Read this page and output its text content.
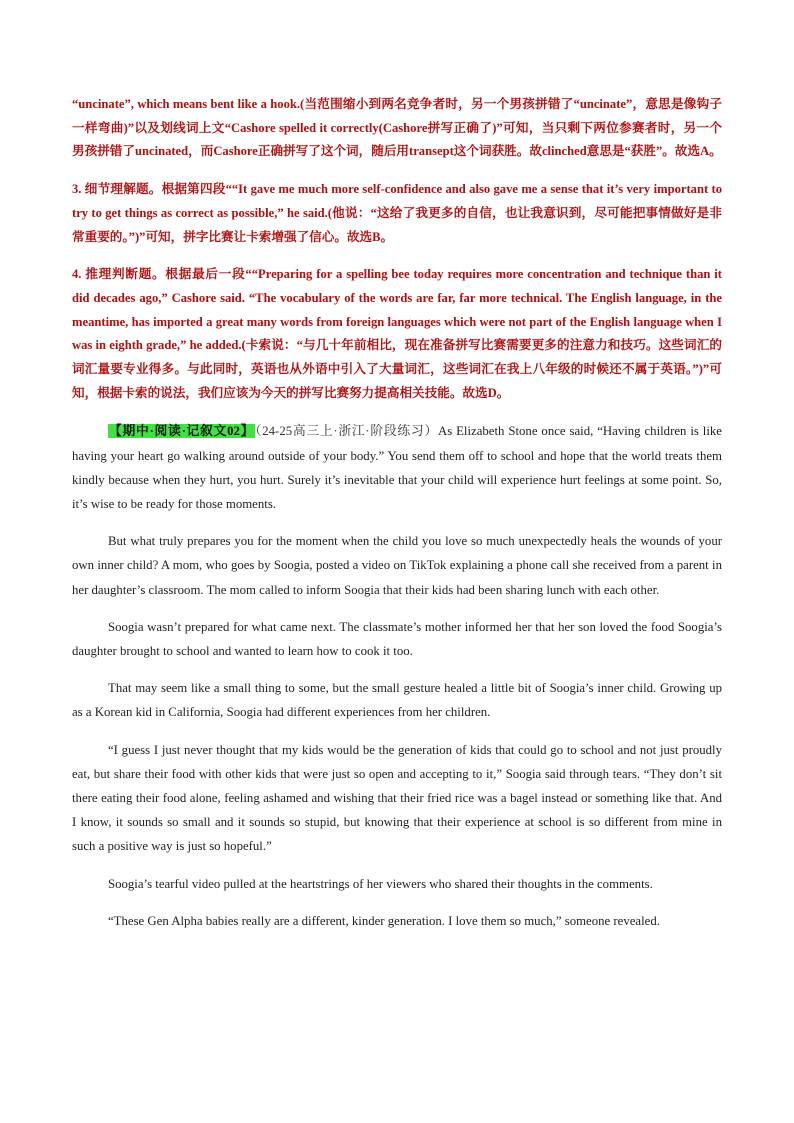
“uncinate”, which means bent like a hook.(当范围缩小到两名竞争者时，另一个男孩拼错了“uncinate”，意思是像钩子一样弯曲)”以及划线词上文“Cashore spelled it correctly(Cashore拼写正确了)”可知，当只剩下两位参赛者时，另一个男孩拼错了uncinated，而Cashore正确拼写了这个词，随后用transept这个词获胜。故clinched意思是“获胜”。故选A。

3. 细节理解题。根据第四段““It gave me much more self-confidence and also gave me a sense that it’s very important to try to get things as correct as possible,” he said.(他说：“这给了我更多的自信，也让我意识到，尽可能把事情做好是非常重要的。”)”可知，拼字比赛让卡索增强了信心。故选B。

4. 推理判断题。根据最后一段““Preparing for a spelling bee today requires more concentration and technique than it did decades ago,” Cashore said. “The vocabulary of the words are far, far more technical. The English language, in the meantime, has imported a great many words from foreign languages which were not part of the English language when I was in eighth grade,” he added.(卡索说：“与几十年前相比，现在准备拼写比赛需要更多的注意力和技巧。这些词汇的词汇量要专业得多。与此同时，英语也从外语中引入了大量词汇，这些词汇在我上八年级的时候还不属于英语。”)”可知，根据卡索的说法，我们应该为今天的拼写比赛努力提高相关技能。故选D。

【期中·阅读·记叙文02】（24-25高三上·浙江·阶段练习）As Elizabeth Stone once said, “Having children is like having your heart go walking around outside of your body.” You send them off to school and hope that the world treats them kindly because when they hurt, you hurt. Surely it’s inevitable that your child will experience hurt feelings at some point. So, it’s wise to be ready for those moments.

But what truly prepares you for the moment when the child you love so much unexpectedly heals the wounds of your own inner child? A mom, who goes by Soogia, posted a video on TikTok explaining a phone call she received from a parent in her daughter’s classroom. The mom called to inform Soogia that their kids had been sharing lunch with each other.

Soogia wasn’t prepared for what came next. The classmate’s mother informed her that her son loved the food Soogia’s daughter brought to school and wanted to learn how to cook it too.

That may seem like a small thing to some, but the small gesture healed a little bit of Soogia’s inner child. Growing up as a Korean kid in California, Soogia had different experiences from her children.

“I guess I just never thought that my kids would be the generation of kids that could go to school and not just proudly eat, but share their food with other kids that were just so open and accepting to it,” Soogia said through tears. “They don’t sit there eating their food alone, feeling ashamed and wishing that their fried rice was a bagel instead or something like that. And I know, it sounds so small and it sounds so stupid, but knowing that their experience at school is so different from mine in such a positive way is just so hopeful.”

Soogia’s tearful video pulled at the heartstrings of her viewers who shared their thoughts in the comments.

“These Gen Alpha babies really are a different, kinder generation. I love them so much,” someone revealed.
